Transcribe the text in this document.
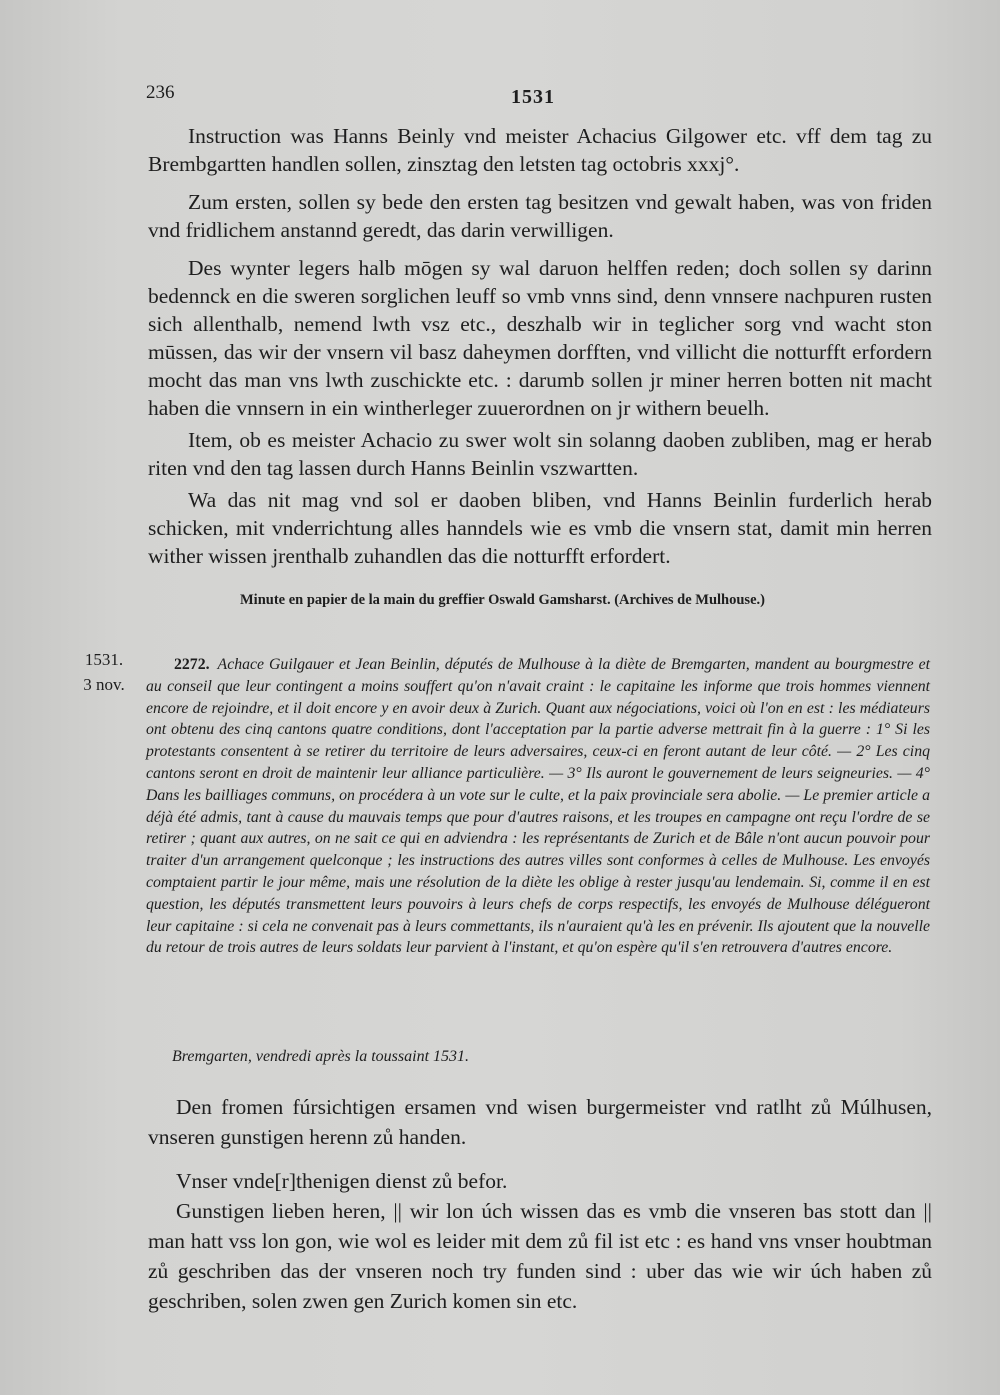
236	1531

Instruction was Hanns Beinly vnd meister Achacius Gilgower etc. vff dem tag zu Brembgartten handlen sollen, zinsztag den letsten tag octobris xxxj°.

Zum ersten, sollen sy bede den ersten tag besitzen vnd gewalt haben, was von friden vnd fridlichem anstannd geredt, das darin verwilligen.

Des wynter legers halb mōgen sy wal daruon helffen reden; doch sollen sy darinn bedennck en die sweren sorglichen leuff so vmb vnns sind, denn vnnsere nachpuren rusten sich allenthalb, nemend lwth vsz etc., deszhalb wir in teglicher sorg vnd wacht ston mūssen, das wir der vnsern vil basz daheymen dorfften, vnd villicht die notturfft erfordern mocht das man vns lwth zuschickte etc. : darumb sollen jr miner herren botten nit macht haben die vnnsern in ein wintherleger zuuerordnen on jr withern beuelh.

Item, ob es meister Achacio zu swer wolt sin solanng daoben zubliben, mag er herab riten vnd den tag lassen durch Hanns Beinlin vszwartten.

Wa das nit mag vnd sol er daoben bliben, vnd Hanns Beinlin furderlich herab schicken, mit vnderrichtung alles hanndels wie es vmb die vnsern stat, damit min herren wither wissen jrenthalb zuhandlen das die notturfft erfordert.

Minute en papier de la main du greffier Oswald Gamsharst. (Archives de Mulhouse.)
1531.
3 nov.
2272. Achace Guilgauer et Jean Beinlin, députés de Mulhouse à la diète de Bremgarten, mandent au bourgmestre et au conseil que leur contingent a moins souffert qu'on n'avait craint : le capitaine les informe que trois hommes viennent encore de rejoindre, et il doit encore y en avoir deux à Zurich. Quant aux négociations, voici où l'on en est : les médiateurs ont obtenu des cinq cantons quatre conditions, dont l'acceptation par la partie adverse mettrait fin à la guerre : 1° Si les protestants consentent à se retirer du territoire de leurs adversaires, ceux-ci en feront autant de leur côté. — 2° Les cinq cantons seront en droit de maintenir leur alliance particulière. — 3° Ils auront le gouvernement de leurs seigneuries. — 4° Dans les bailliages communs, on procédera à un vote sur le culte, et la paix provinciale sera abolie. — Le premier article a déjà été admis, tant à cause du mauvais temps que pour d'autres raisons, et les troupes en campagne ont reçu l'ordre de se retirer ; quant aux autres, on ne sait ce qui en adviendra : les représentants de Zurich et de Bâle n'ont aucun pouvoir pour traiter d'un arrangement quelconque ; les instructions des autres villes sont conformes à celles de Mulhouse. Les envoyés comptaient partir le jour même, mais une résolution de la diète les oblige à rester jusqu'au lendemain. Si, comme il en est question, les députés transmettent leurs pouvoirs à leurs chefs de corps respectifs, les envoyés de Mulhouse délégueront leur capitaine : si cela ne convenait pas à leurs commettants, ils n'auraient qu'à les en prévenir. Ils ajoutent que la nouvelle du retour de trois autres de leurs soldats leur parvient à l'instant, et qu'on espère qu'il s'en retrouvera d'autres encore.
Bremgarten, vendredi après la toussaint 1531.

Den fromen fúrsichtigen ersamen vnd wisen burgermeister vnd ratlht zů Múlhusen, vnseren gunstigen herenn zů handen.

Vnser vnde[r]thenigen dienst zů befor.

Gunstigen lieben heren, || wir lon úch wissen das es vmb die vnseren bas stott dan || man hatt vss lon gon, wie wol es leider mit dem zů fil ist etc : es hand vns vnser houbtman zů geschriben das der vnseren noch try funden sind : uber das wie wir úch haben zů geschriben, solen zwen gen Zurich komen sin etc.
